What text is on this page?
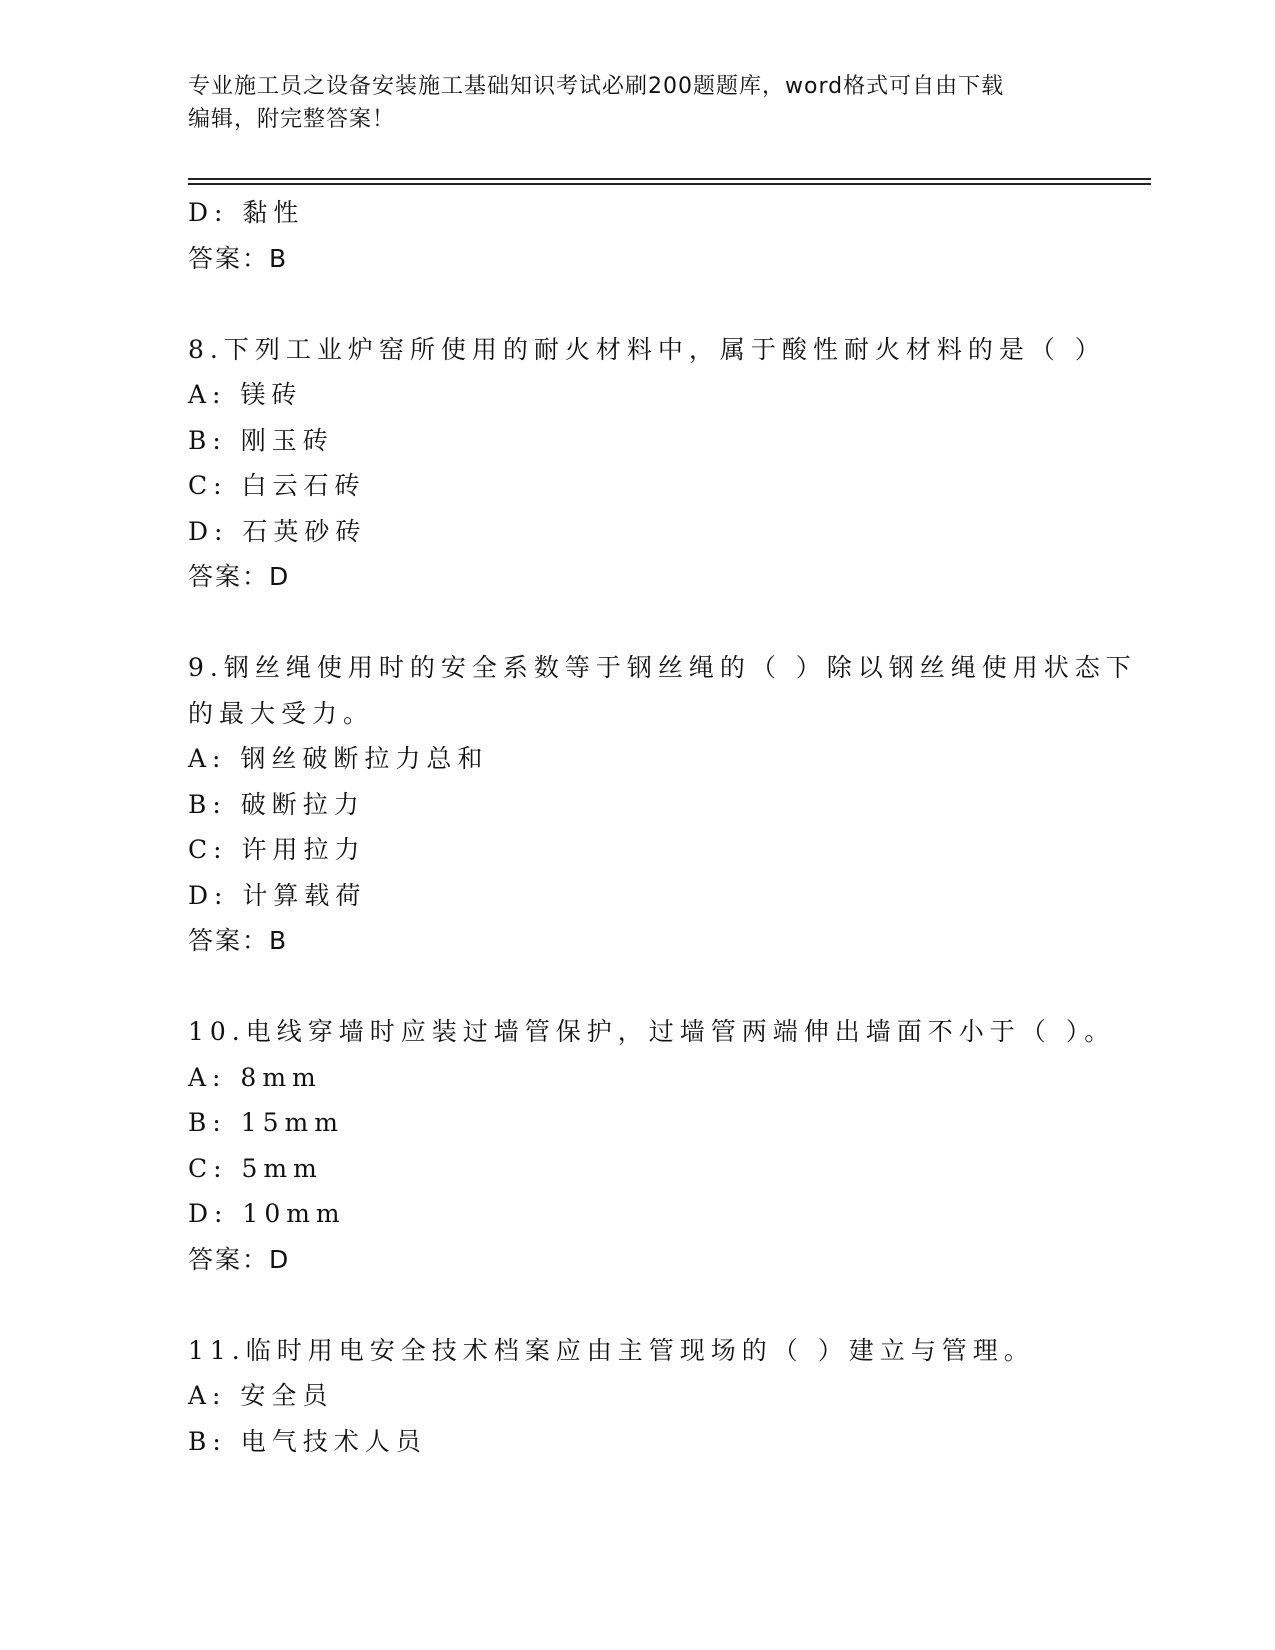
专业施工员之设备安装施工基础知识考试必刷200题题库，word格式可自由下载
编辑，附完整答案！
D: 黏性
答案：B
8.下列工业炉窑所使用的耐火材料中，属于酸性耐火材料的是（ ）
A: 镁砖
B: 刚玉砖
C: 白云石砖
D: 石英砂砖
答案：D
9.钢丝绳使用时的安全系数等于钢丝绳的（ ）除以钢丝绳使用状态下
的最大受力。
A: 钢丝破断拉力总和
B: 破断拉力
C: 许用拉力
D: 计算载荷
答案：B
10.电线穿墙时应装过墙管保护，过墙管两端伸出墙面不小于（ ）。
A: 8mm
B: 15mm
C: 5mm
D: 10mm
答案：D
11.临时用电安全技术档案应由主管现场的（ ）建立与管理。
A: 安全员
B: 电气技术人员
